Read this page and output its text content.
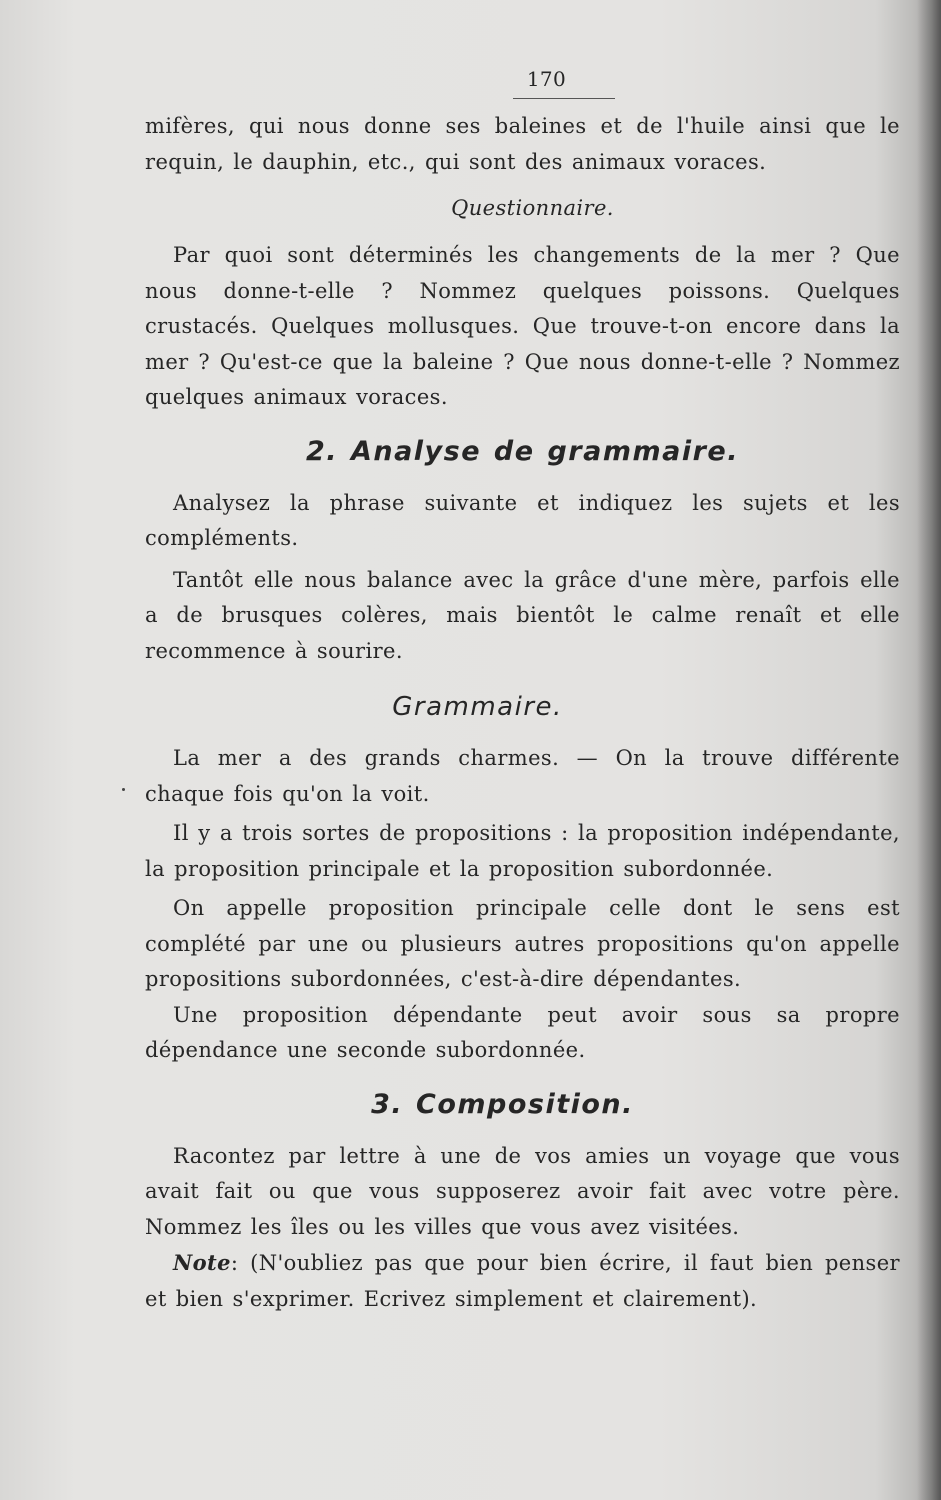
170

mifères, qui nous donne ses baleines et de l'huile ainsi que le requin, le dauphin, etc., qui sont des animaux voraces.

Questionnaire.

Par quoi sont déterminés les changements de la mer ? Que nous donne-t-elle ? Nommez quelques poissons. Quelques crustacés. Quelques mollusques. Que trouve-t-on encore dans la mer ? Qu'est-ce que la baleine ? Que nous donne-t-elle ? Nommez quelques animaux voraces.

2. Analyse de grammaire.

Analysez la phrase suivante et indiquez les sujets et les compléments.

Tantôt elle nous balance avec la grâce d'une mère, parfois elle a de brusques colères, mais bientôt le calme renaît et elle recommence à sourire.

Grammaire.

La mer a des grands charmes. — On la trouve différente chaque fois qu'on la voit.

Il y a trois sortes de propositions : la proposition indépendante, la proposition principale et la proposition subordonnée.

On appelle proposition principale celle dont le sens est complété par une ou plusieurs autres propositions qu'on appelle propositions subordonnées, c'est-à-dire dépendantes.

Une proposition dépendante peut avoir sous sa propre dépendance une seconde subordonnée.

3. Composition.

Racontez par lettre à une de vos amies un voyage que vous avait fait ou que vous supposerez avoir fait avec votre père. Nommez les îles ou les villes que vous avez visitées.

Note: (N'oubliez pas que pour bien écrire, il faut bien penser et bien s'exprimer. Ecrivez simplement et clairement).
